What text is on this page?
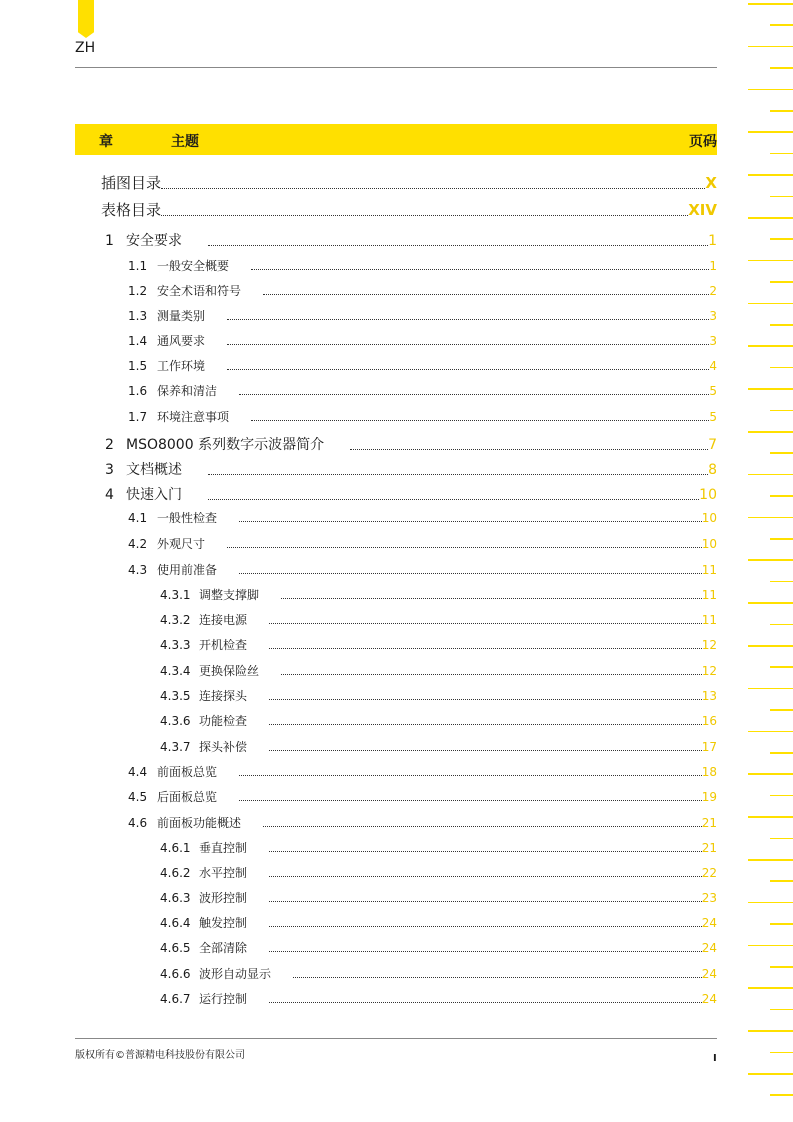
ZH
章	主题	页码
插图目录	X
表格目录	XIV
1 安全要求	1
1.1 一般安全概要	1
1.2 安全术语和符号	2
1.3 测量类别	3
1.4 通风要求	3
1.5 工作环境	4
1.6 保养和清洁	5
1.7 环境注意事项	5
2 MSO8000 系列数字示波器简介	7
3 文档概述	8
4 快速入门	10
4.1 一般性检查	10
4.2 外观尺寸	10
4.3 使用前准备	11
4.3.1 调整支撑脚	11
4.3.2 连接电源	11
4.3.3 开机检查	12
4.3.4 更换保险丝	12
4.3.5 连接探头	13
4.3.6 功能检查	16
4.3.7 探头补偿	17
4.4 前面板总览	18
4.5 后面板总览	19
4.6 前面板功能概述	21
4.6.1 垂直控制	21
4.6.2 水平控制	22
4.6.3 波形控制	23
4.6.4 触发控制	24
4.6.5 全部清除	24
4.6.6 波形自动显示	24
4.6.7 运行控制	24
版权所有©普源精电科技股份有限公司	I
